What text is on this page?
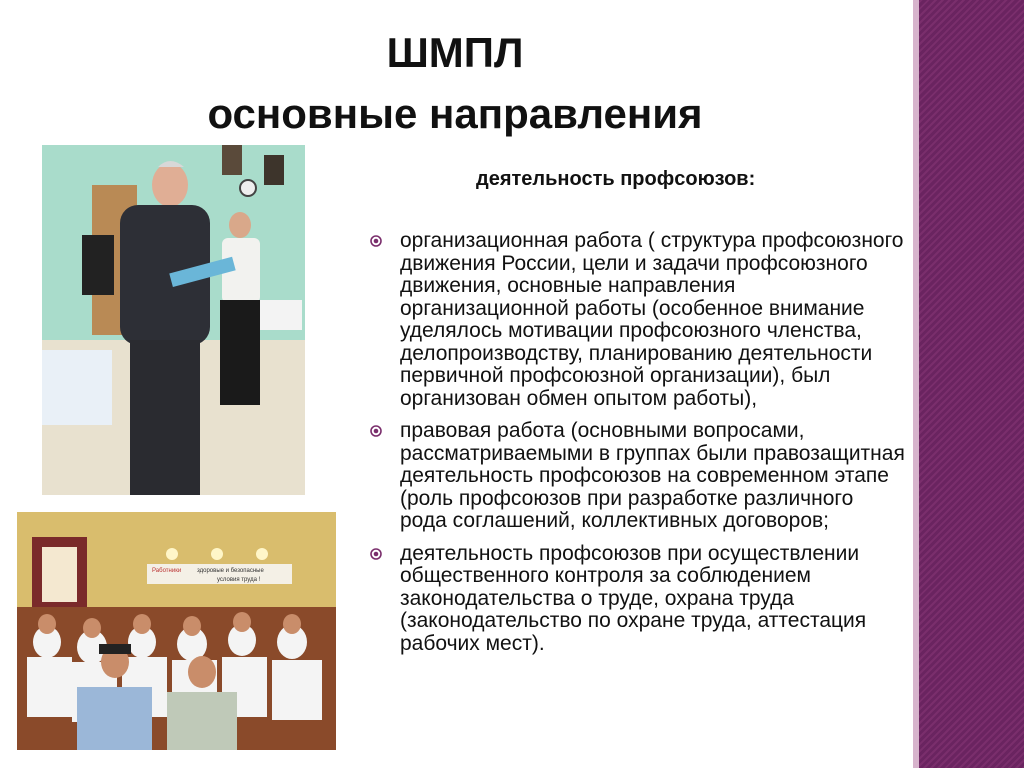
ШМПЛ
основные направления
деятельность профсоюзов:
организационная работа ( структура профсоюзного движения России, цели и задачи профсоюзного движения, основные направления организационной работы (особенное внимание уделялось мотивации профсоюзного членства, делопроизводству, планированию деятельности первичной профсоюзной организации), был организован обмен опытом работы),
правовая работа (основными вопросами, рассматриваемыми в группах были правозащитная деятельность профсоюзов на современном этапе (роль профсоюзов при разработке различного рода соглашений, коллективных договоров;
деятельность профсоюзов при осуществлении общественного контроля за соблюдением законодательства о труде, охрана труда (законодательство по охране труда, аттестация рабочих мест).
Работники	здоровые и безопасные
условия труда !
